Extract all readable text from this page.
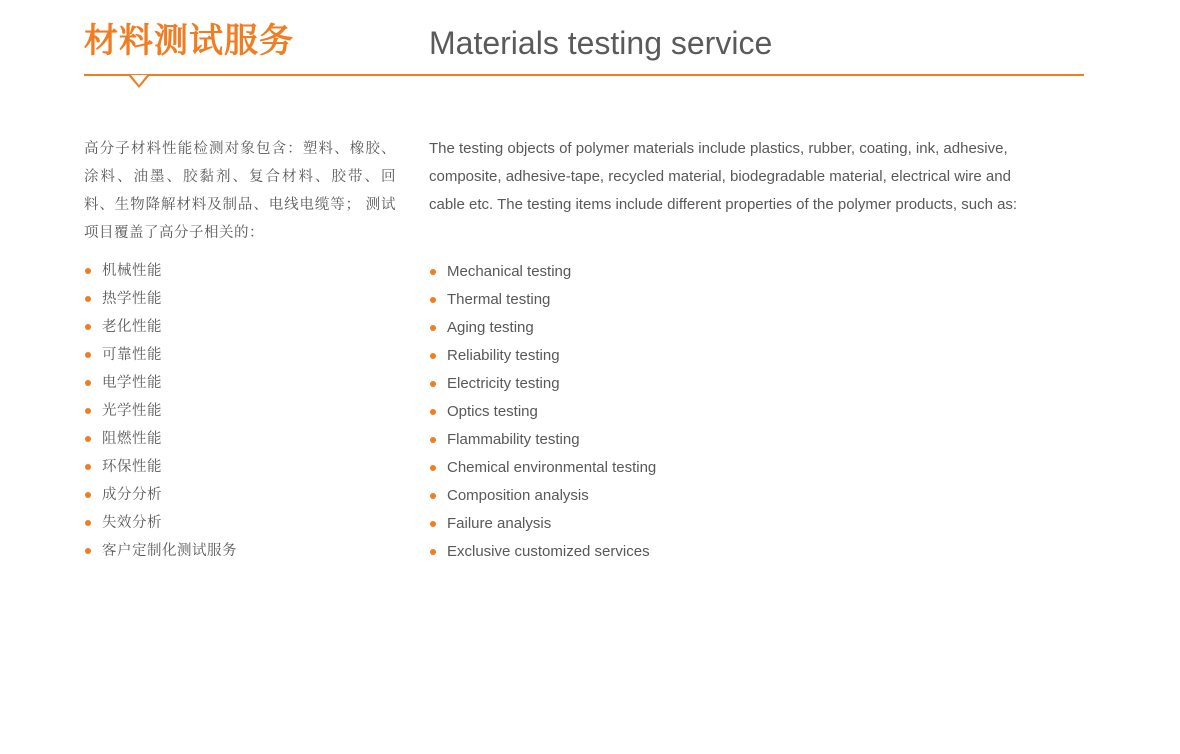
材料测试服务	Materials testing service

高分子材料性能检测对象包含：塑料、橡胶、涂料、油墨、胶黏剂、复合材料、胶带、回料、生物降解材料及制品、电线电缆等； 测试项目覆盖了高分子相关的：

The testing objects of polymer materials include plastics, rubber, coating, ink, adhesive, composite, adhesive-tape, recycled material, biodegradable material, electrical wire and cable etc. The testing items include different properties of the polymer products, such as:

机械性能
热学性能
老化性能
可靠性能
电学性能
光学性能
阻燃性能
环保性能
成分分析
失效分析
客户定制化测试服务
Mechanical testing
Thermal testing
Aging testing
Reliability testing
Electricity testing
Optics testing
Flammability testing
Chemical environmental testing
Composition analysis
Failure analysis
Exclusive customized services
